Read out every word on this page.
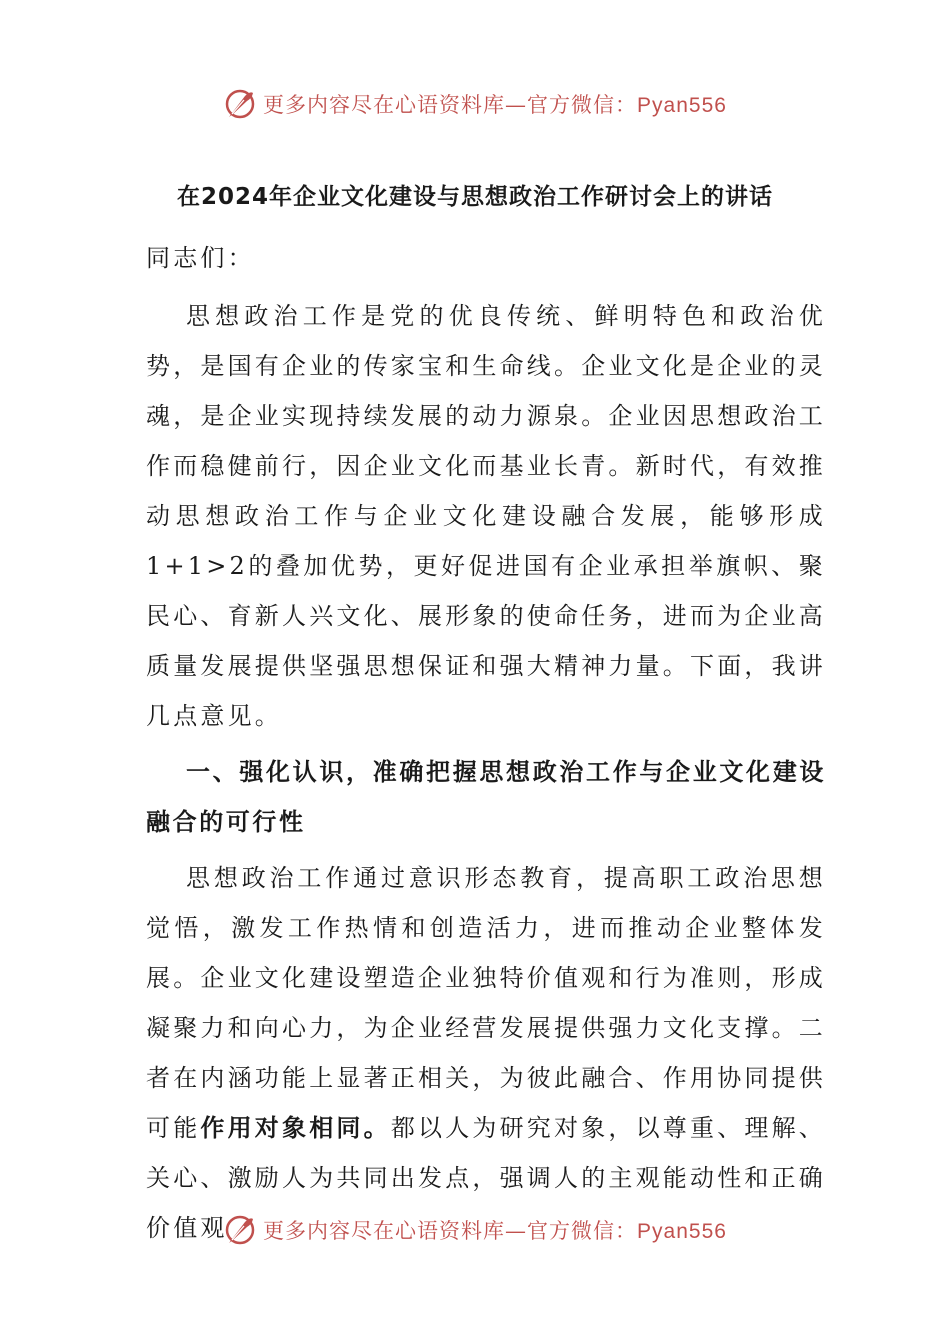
更多内容尽在心语资料库—官方微信：Pyan556
在2024年企业文化建设与思想政治工作研讨会上的讲话

同志们：

思想政治工作是党的优良传统、鲜明特色和政治优势，是国有企业的传家宝和生命线。企业文化是企业的灵魂，是企业实现持续发展的动力源泉。企业因思想政治工作而稳健前行，因企业文化而基业长青。新时代，有效推动思想政治工作与企业文化建设融合发展，能够形成1+1>2的叠加优势，更好促进国有企业承担举旗帜、聚民心、育新人兴文化、展形象的使命任务，进而为企业高质量发展提供坚强思想保证和强大精神力量。下面，我讲几点意见。

一、强化认识，准确把握思想政治工作与企业文化建设融合的可行性

思想政治工作通过意识形态教育，提高职工政治思想觉悟，激发工作热情和创造活力，进而推动企业整体发展。企业文化建设塑造企业独特价值观和行为准则，形成凝聚力和向心力，为企业经营发展提供强力文化支撑。二者在内涵功能上显著正相关，为彼此融合、作用协同提供可能作用对象相同。都以人为研究对象，以尊重、理解、关心、激励人为共同出发点，强调人的主观能动性和正确价值观	更多内容尽在心语资料库—官方微信：Pyan556
